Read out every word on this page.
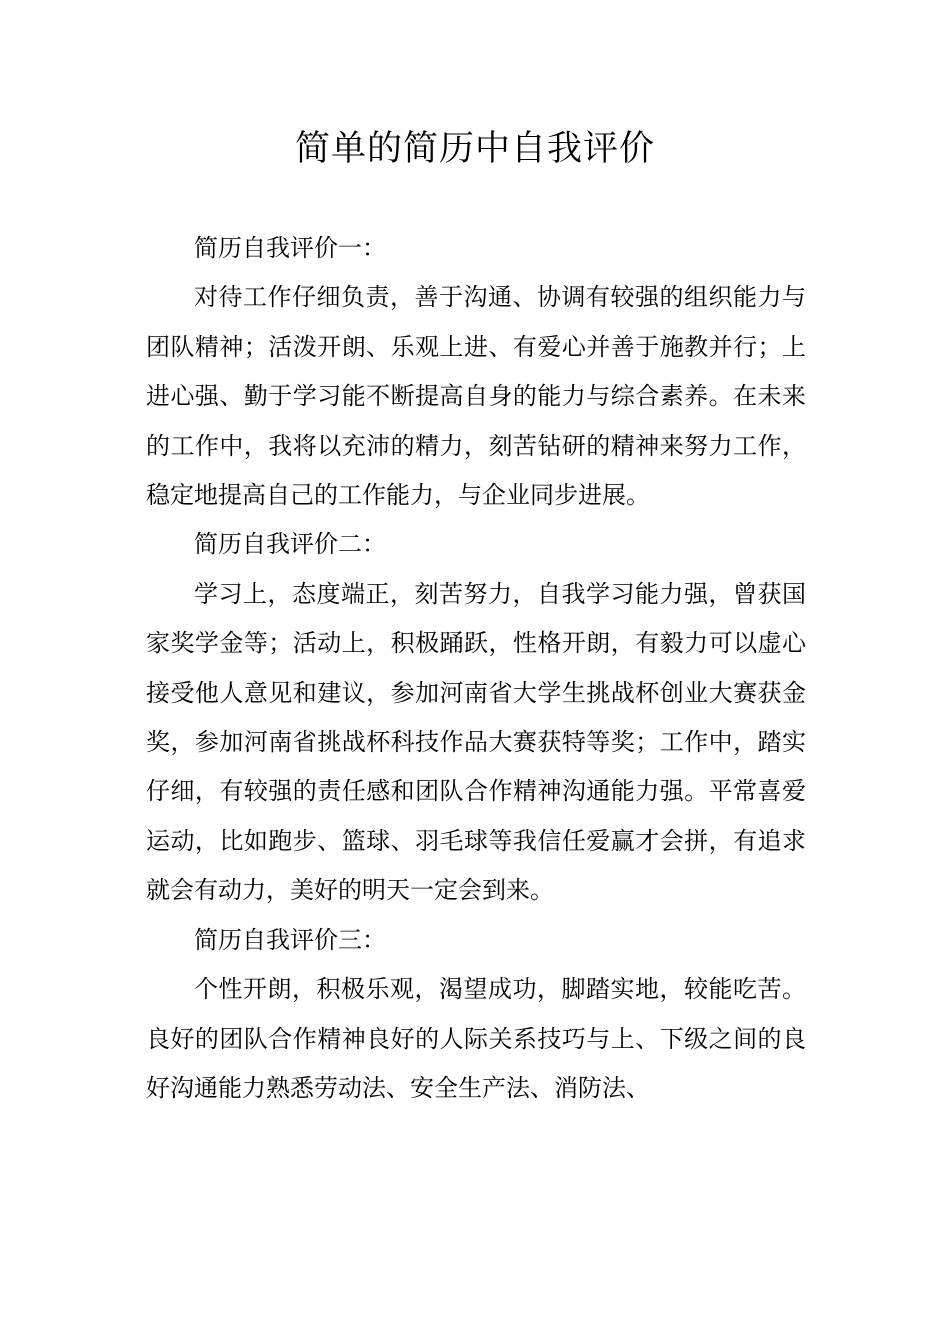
简单的简历中自我评价

简历自我评价一：

对待工作仔细负责，善于沟通、协调有较强的组织能力与团队精神；活泼开朗、乐观上进、有爱心并善于施教并行；上进心强、勤于学习能不断提高自身的能力与综合素养。在未来的工作中，我将以充沛的精力，刻苦钻研的精神来努力工作，稳定地提高自己的工作能力，与企业同步进展。

简历自我评价二：

学习上，态度端正，刻苦努力，自我学习能力强，曾获国家奖学金等；活动上，积极踊跃，性格开朗，有毅力可以虚心接受他人意见和建议，参加河南省大学生挑战杯创业大赛获金奖，参加河南省挑战杯科技作品大赛获特等奖；工作中，踏实仔细，有较强的责任感和团队合作精神沟通能力强。平常喜爱运动，比如跑步、篮球、羽毛球等我信任爱赢才会拼，有追求就会有动力，美好的明天一定会到来。

简历自我评价三：

个性开朗，积极乐观，渴望成功，脚踏实地，较能吃苦。良好的团队合作精神良好的人际关系技巧与上、下级之间的良好沟通能力熟悉劳动法、安全生产法、消防法、
